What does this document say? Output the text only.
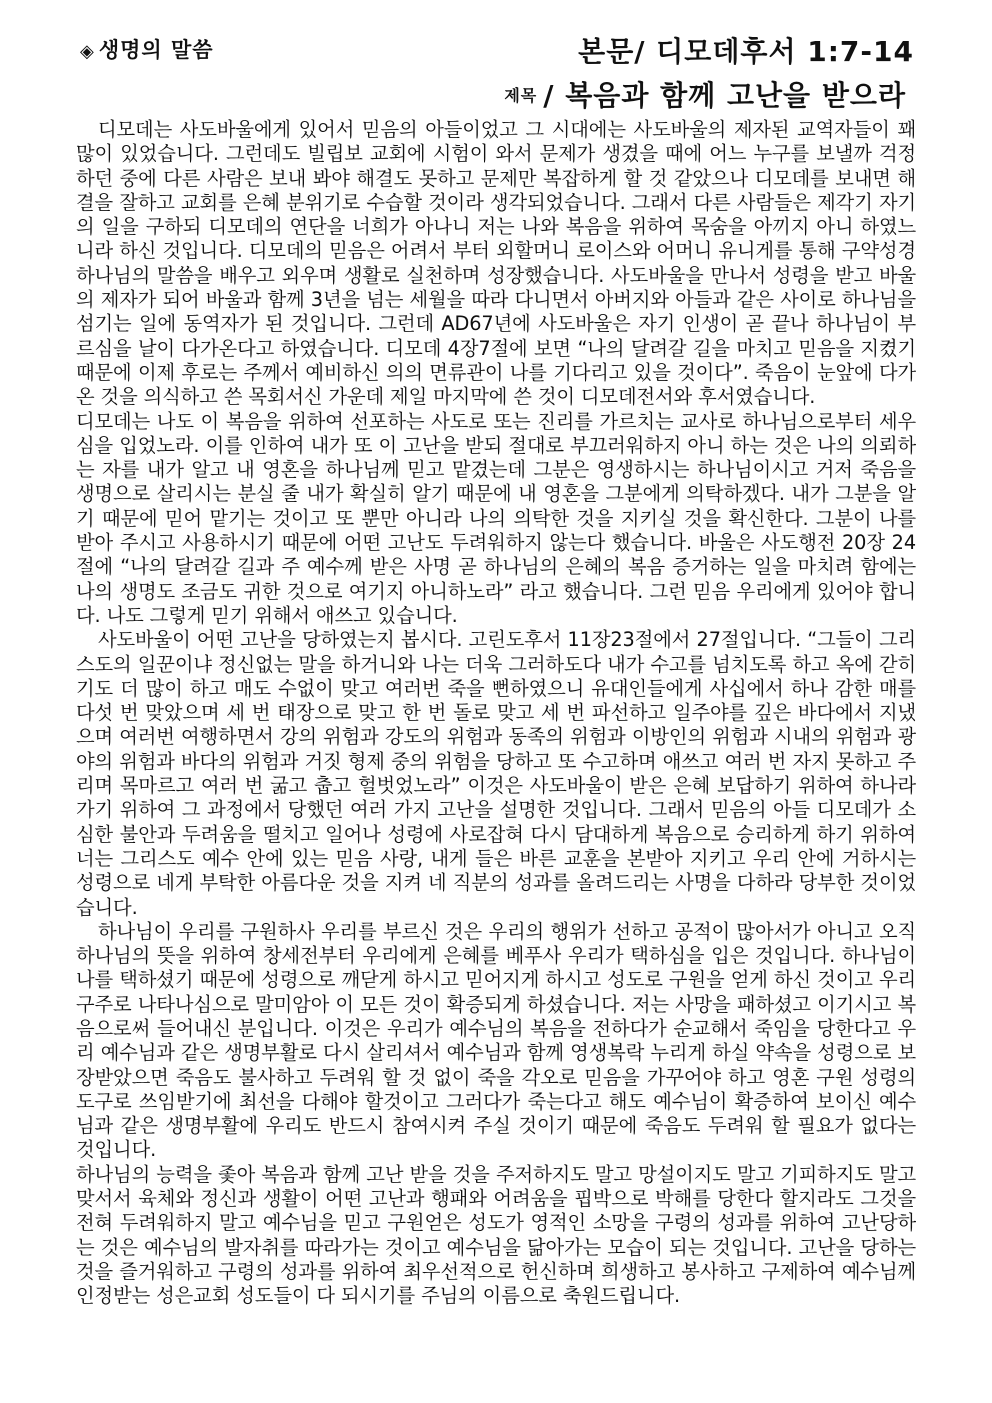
◈ 생명의 말씀	본문/ 디모데후서 1:7-14
제목 / 복음과 함께 고난을 받으라

디모데는 사도바울에게 있어서 믿음의 아들이었고 그 시대에는 사도바울의 제자된 교역자들이 꽤 많이 있었습니다. 그런데도 빌립보 교회에 시험이 와서 문제가 생겼을 때에 어느 누구를 보낼까 걱정하던 중에 다른 사람은 보내 봐야 해결도 못하고 문제만 복잡하게 할 것 같았으나 디모데를 보내면 해결을 잘하고 교회를 은혜 분위기로 수습할 것이라 생각되었습니다. 그래서 다른 사람들은 제각기 자기의 일을 구하되 디모데의 연단을 너희가 아나니 저는 나와 복음을 위하여 목숨을 아끼지 아니 하였느니라 하신 것입니다. 디모데의 믿음은 어려서 부터 외할머니 로이스와 어머니 유니게를 통해 구약성경 하나님의 말씀을 배우고 외우며 생활로 실천하며 성장했습니다. 사도바울을 만나서 성령을 받고 바울의 제자가 되어 바울과 함께 3년을 넘는 세월을 따라 다니면서 아버지와 아들과 같은 사이로 하나님을 섬기는 일에 동역자가 된 것입니다. 그런데 AD67년에 사도바울은 자기 인생이 곧 끝나 하나님이 부르심을 날이 다가온다고 하였습니다. 디모데 4장7절에 보면 “나의 달려갈 길을 마치고 믿음을 지켰기 때문에 이제 후로는 주께서 예비하신 의의 면류관이 나를 기다리고 있을 것이다”. 죽음이 눈앞에 다가온 것을 의식하고 쓴 목회서신 가운데 제일 마지막에 쓴 것이 디모데전서와 후서였습니다.

디모데는 나도 이 복음을 위하여 선포하는 사도로 또는 진리를 가르치는 교사로 하나님으로부터 세우심을 입었노라. 이를 인하여 내가 또 이 고난을 받되 절대로 부끄러워하지 아니 하는 것은 나의 의뢰하는 자를 내가 알고 내 영혼을 하나님께 믿고 맡겼는데 그분은 영생하시는 하나님이시고 거저 죽음을 생명으로 살리시는 분실 줄 내가 확실히 알기 때문에 내 영혼을 그분에게 의탁하겠다. 내가 그분을 알기 때문에 믿어 맡기는 것이고 또 뿐만 아니라 나의 의탁한 것을 지키실 것을 확신한다. 그분이 나를 받아 주시고 사용하시기 때문에 어떤 고난도 두려워하지 않는다 했습니다. 바울은 사도행전 20장 24절에 “나의 달려갈 길과 주 예수께 받은 사명 곧 하나님의 은혜의 복음 증거하는 일을 마치려 함에는 나의 생명도 조금도 귀한 것으로 여기지 아니하노라” 라고 했습니다. 그런 믿음 우리에게 있어야 합니다. 나도 그렇게 믿기 위해서 애쓰고 있습니다.

사도바울이 어떤 고난을 당하였는지 봅시다. 고린도후서 11장23절에서 27절입니다. “그들이 그리스도의 일꾼이냐 정신없는 말을 하거니와 나는 더욱 그러하도다 내가 수고를 넘치도록 하고 옥에 갇히기도 더 많이 하고 매도 수없이 맞고 여러번 죽을 뻔하였으니 유대인들에게 사십에서 하나 감한 매를 다섯 번 맞았으며 세 번 태장으로 맞고 한 번 돌로 맞고 세 번 파선하고 일주야를 깊은 바다에서 지냈으며 여러번 여행하면서 강의 위험과 강도의 위험과 동족의 위험과 이방인의 위험과 시내의 위험과 광야의 위험과 바다의 위험과 거짓 형제 중의 위험을 당하고 또 수고하며 애쓰고 여러 번 자지 못하고 주리며 목마르고 여러 번 굶고 춥고 헐벗었노라” 이것은 사도바울이 받은 은혜 보답하기 위하여 하나라 가기 위하여 그 과정에서 당했던 여러 가지 고난을 설명한 것입니다. 그래서 믿음의 아들 디모데가 소심한 불안과 두려움을 떨치고 일어나 성령에 사로잡혀 다시 담대하게 복음으로 승리하게 하기 위하여 너는 그리스도 예수 안에 있는 믿음 사랑, 내게 들은 바른 교훈을 본받아 지키고 우리 안에 거하시는 성령으로 네게 부탁한 아름다운 것을 지켜 네 직분의 성과를 올려드리는 사명을 다하라 당부한 것이었습니다.

하나님이 우리를 구원하사 우리를 부르신 것은 우리의 행위가 선하고 공적이 많아서가 아니고 오직 하나님의 뜻을 위하여 창세전부터 우리에게 은혜를 베푸사 우리가 택하심을 입은 것입니다. 하나님이 나를 택하셨기 때문에 성령으로 깨닫게 하시고 믿어지게 하시고 성도로 구원을 얻게 하신 것이고 우리 구주로 나타나심으로 말미암아 이 모든 것이 확증되게 하셨습니다. 저는 사망을 패하셨고 이기시고 복음으로써 들어내신 분입니다. 이것은 우리가 예수님의 복음을 전하다가 순교해서 죽임을 당한다고 우리 예수님과 같은 생명부활로 다시 살리셔서 예수님과 함께 영생복락 누리게 하실 약속을 성령으로 보장받았으면 죽음도 불사하고 두려워 할 것 없이 죽을 각오로 믿음을 가꾸어야 하고 영혼 구원 성령의 도구로 쓰임받기에 최선을 다해야 할것이고 그러다가 죽는다고 해도 예수님이 확증하여 보이신 예수님과 같은 생명부활에 우리도 반드시 참여시켜 주실 것이기 때문에 죽음도 두려워 할 필요가 없다는 것입니다.

하나님의 능력을 좇아 복음과 함께 고난 받을 것을 주저하지도 말고 망설이지도 말고 기피하지도 말고 맞서서 육체와 정신과 생활이 어떤 고난과 행패와 어려움을 핍박으로 박해를 당한다 할지라도 그것을 전혀 두려워하지 말고 예수님을 믿고 구원얻은 성도가 영적인 소망을 구령의 성과를 위하여 고난당하는 것은 예수님의 발자취를 따라가는 것이고 예수님을 닮아가는 모습이 되는 것입니다. 고난을 당하는 것을 즐거워하고 구령의 성과를 위하여 최우선적으로 헌신하며 희생하고 봉사하고 구제하여 예수님께 인정받는 성은교회 성도들이 다 되시기를 주님의 이름으로 축원드립니다.
